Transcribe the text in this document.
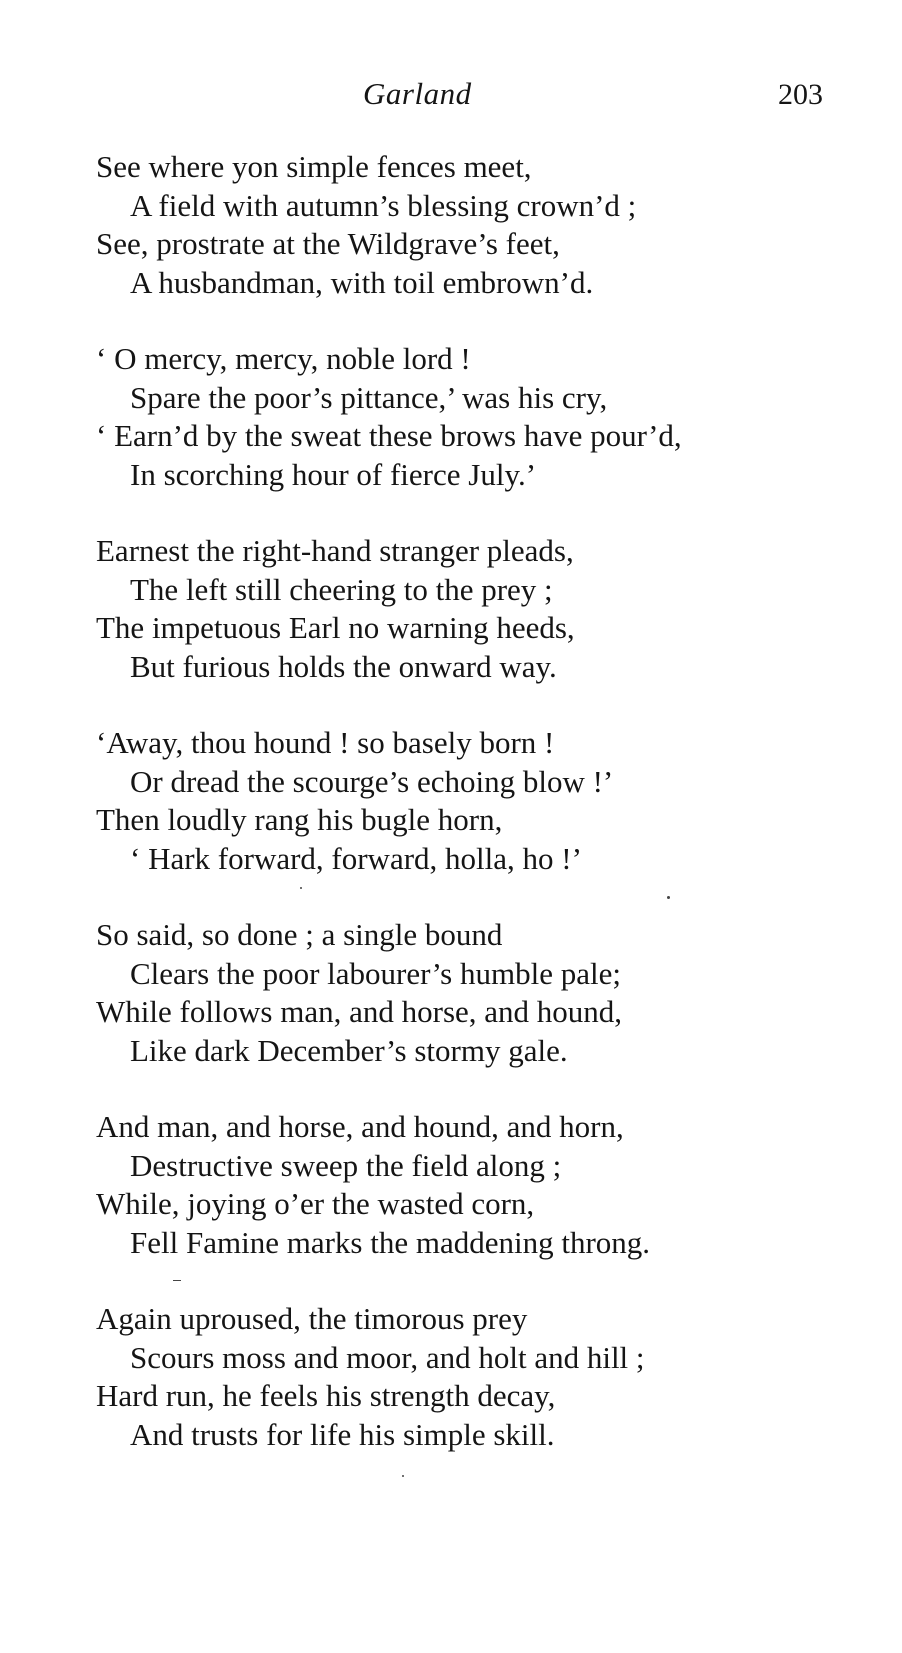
Garland	203
See where yon simple fences meet,
A field with autumn’s blessing crown’d ;
See, prostrate at the Wildgrave’s feet,
A husbandman, with toil embrown’d.
‘ O mercy, mercy, noble lord !
Spare the poor’s pittance,’ was his cry,
‘ Earn’d by the sweat these brows have pour’d,
In scorching hour of fierce July.’
Earnest the right-hand stranger pleads,
The left still cheering to the prey ;
The impetuous Earl no warning heeds,
But furious holds the onward way.
‘Away, thou hound ! so basely born !
Or dread the scourge’s echoing blow !’
Then loudly rang his bugle horn,
‘ Hark forward, forward, holla, ho !’
So said, so done ; a single bound
Clears the poor labourer’s humble pale;
While follows man, and horse, and hound,
Like dark December’s stormy gale.
And man, and horse, and hound, and horn,
Destructive sweep the field along ;
While, joying o’er the wasted corn,
Fell Famine marks the maddening throng.
Again uproused, the timorous prey
Scours moss and moor, and holt and hill ;
Hard run, he feels his strength decay,
And trusts for life his simple skill.
